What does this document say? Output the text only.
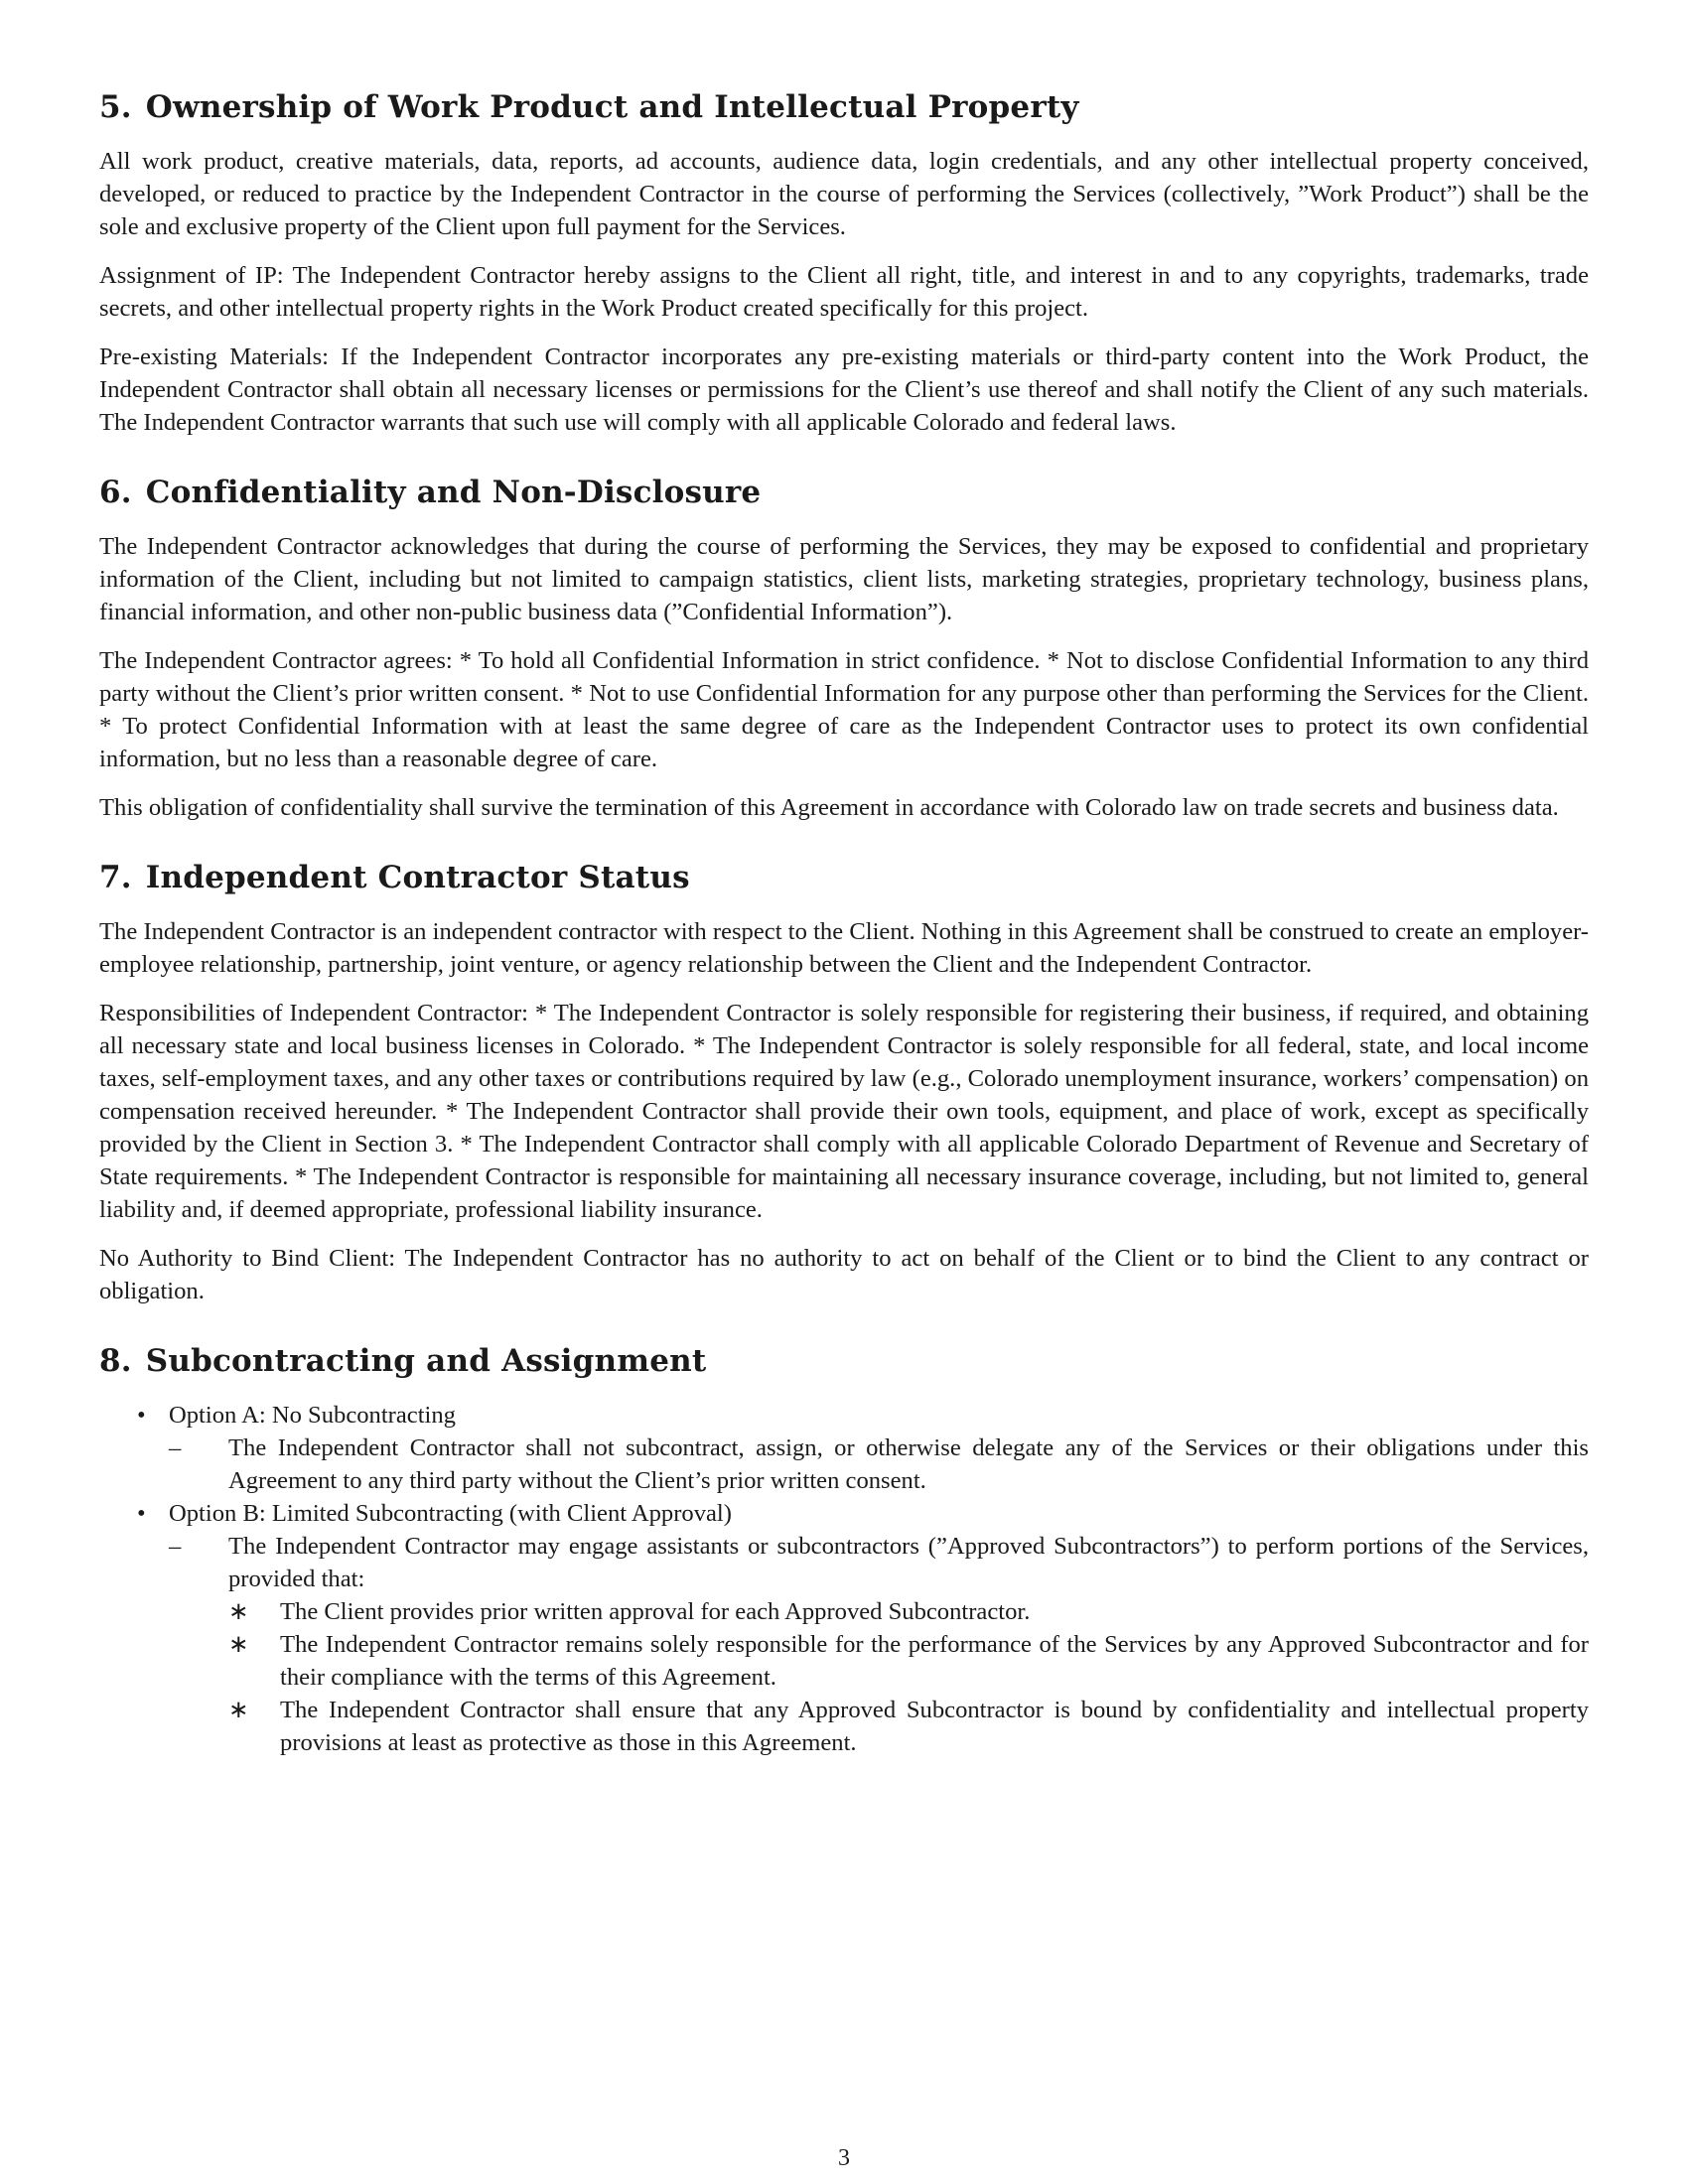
5. Ownership of Work Product and Intellectual Property

All work product, creative materials, data, reports, ad accounts, audience data, login credentials, and any other intellectual property conceived, developed, or reduced to practice by the Independent Contractor in the course of performing the Services (collectively, ”Work Product”) shall be the sole and exclusive property of the Client upon full payment for the Services.

Assignment of IP: The Independent Contractor hereby assigns to the Client all right, title, and interest in and to any copyrights, trademarks, trade secrets, and other intellectual property rights in the Work Product created specifically for this project.

Pre-existing Materials: If the Independent Contractor incorporates any pre-existing materials or third-party content into the Work Product, the Independent Contractor shall obtain all necessary licenses or permissions for the Client’s use thereof and shall notify the Client of any such materials. The Independent Contractor warrants that such use will comply with all applicable Colorado and federal laws.

6. Confidentiality and Non-Disclosure

The Independent Contractor acknowledges that during the course of performing the Services, they may be exposed to confidential and proprietary information of the Client, including but not limited to campaign statistics, client lists, marketing strategies, proprietary technology, business plans, financial information, and other non-public business data (”Confidential Information”).

The Independent Contractor agrees: * To hold all Confidential Information in strict confidence. * Not to disclose Confidential Information to any third party without the Client’s prior written consent. * Not to use Confidential Information for any purpose other than performing the Services for the Client. * To protect Confidential Information with at least the same degree of care as the Independent Contractor uses to protect its own confidential information, but no less than a reasonable degree of care.

This obligation of confidentiality shall survive the termination of this Agreement in accordance with Colorado law on trade secrets and business data.

7. Independent Contractor Status

The Independent Contractor is an independent contractor with respect to the Client. Nothing in this Agreement shall be construed to create an employer-employee relationship, partnership, joint venture, or agency relationship between the Client and the Independent Contractor.

Responsibilities of Independent Contractor: * The Independent Contractor is solely responsible for registering their business, if required, and obtaining all necessary state and local business licenses in Colorado. * The Independent Contractor is solely responsible for all federal, state, and local income taxes, self-employment taxes, and any other taxes or contributions required by law (e.g., Colorado unemployment insurance, workers’ compensation) on compensation received hereunder. * The Independent Contractor shall provide their own tools, equipment, and place of work, except as specifically provided by the Client in Section 3. * The Independent Contractor shall comply with all applicable Colorado Department of Revenue and Secretary of State requirements. * The Independent Contractor is responsible for maintaining all necessary insurance coverage, including, but not limited to, general liability and, if deemed appropriate, professional liability insurance.

No Authority to Bind Client: The Independent Contractor has no authority to act on behalf of the Client or to bind the Client to any contract or obligation.

8. Subcontracting and Assignment
• Option A: No Subcontracting
– The Independent Contractor shall not subcontract, assign, or otherwise delegate any of the Services or their obligations under this Agreement to any third party without the Client’s prior written consent.
• Option B: Limited Subcontracting (with Client Approval)
– The Independent Contractor may engage assistants or subcontractors (”Approved Subcontractors”) to perform portions of the Services, provided that:
∗ The Client provides prior written approval for each Approved Subcontractor.
∗ The Independent Contractor remains solely responsible for the performance of the Services by any Approved Subcontractor and for their compliance with the terms of this Agreement.
∗ The Independent Contractor shall ensure that any Approved Subcontractor is bound by confidentiality and intellectual property provisions at least as protective as those in this Agreement.
3
